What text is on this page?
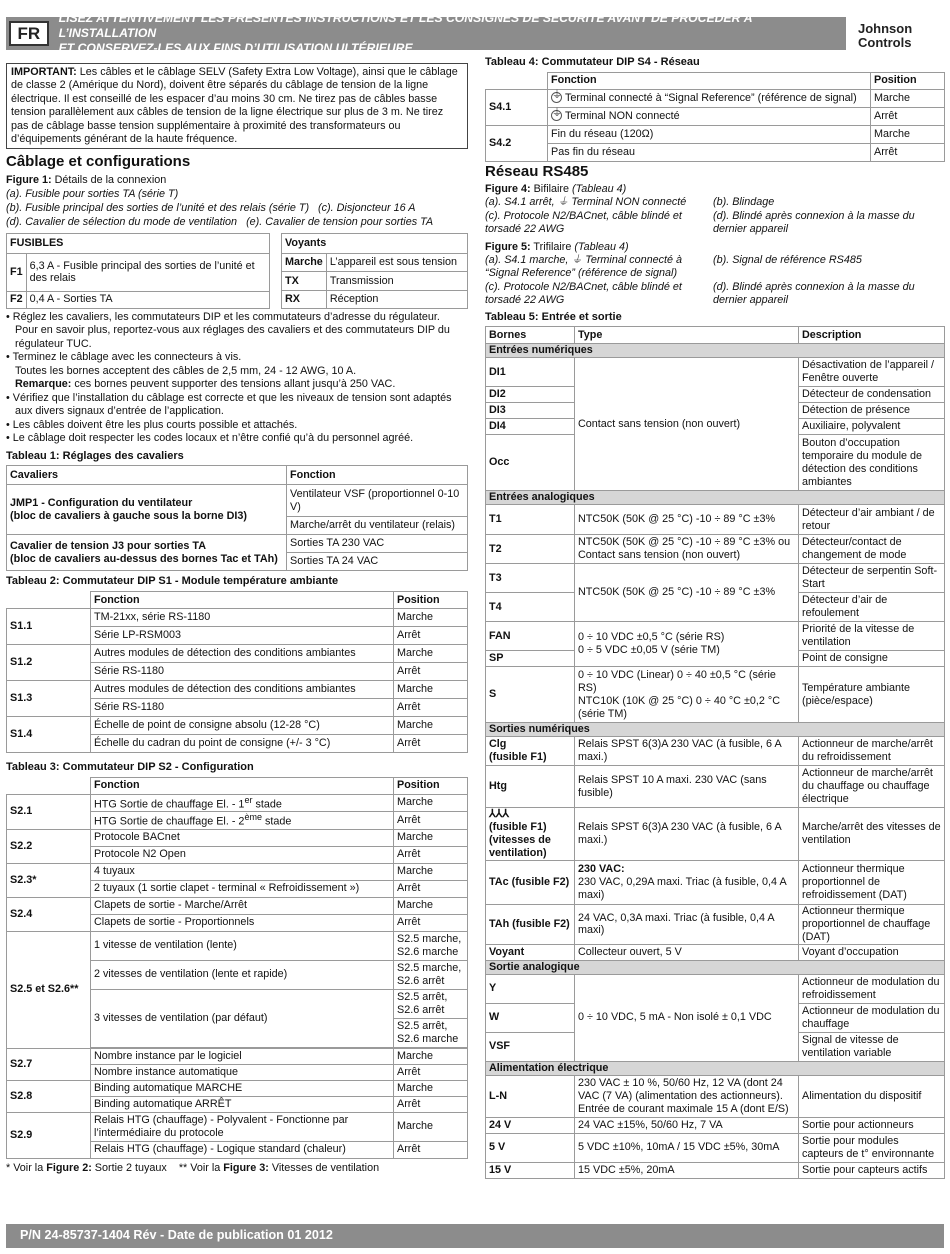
FR
LISEZ ATTENTIVEMENT LES PRÉSENTES INSTRUCTIONS ET LES CONSIGNES DE SÉCURITÉ AVANT DE PROCÉDER À L’INSTALLATION
ET CONSERVEZ-LES AUX FINS D’UTILISATION ULTÉRIEURE
Johnson
Controls
IMPORTANT: Les câbles et le câblage SELV (Safety Extra Low Voltage), ainsi que le câblage de classe 2 (Amérique du Nord), doivent être séparés du câblage de tension de la ligne électrique. Il est conseillé de les espacer d’au moins 30 cm. Ne tirez pas de câbles basse tension parallèlement aux câbles de tension de la ligne électrique sur plus de 3 m. Ne tirez pas de câblage basse tension supplémentaire à proximité des transformateurs ou d’équipements générant de la haute fréquence.
Câblage et configurations
Figure 1: Détails de la connexion
(a). Fusible pour sorties TA (série T)
(b). Fusible principal des sorties de l’unité et des relais (série T) (c). Disjoncteur 16 A
(d). Cavalier de sélection du mode de ventilation (e). Cavalier de tension pour sorties TA
FUSIBLES	
F1	6,3 A - Fusible principal des sorties de l’unité et des relais
F2	0,4 A - Sorties TA
Voyants	
Marche	L’appareil est sous tension
TX	Transmission
RX	Réception
• Réglez les cavaliers, les commutateurs DIP et les commutateurs d’adresse du régulateur.
Pour en savoir plus, reportez-vous aux réglages des cavaliers et des commutateurs DIP du régulateur TUC.
• Terminez le câblage avec les connecteurs à vis.
Toutes les bornes acceptent des câbles de 2,5 mm, 24 - 12 AWG, 10 A.
Remarque: ces bornes peuvent supporter des tensions allant jusqu’à 250 VAC.
• Vérifiez que l’installation du câblage est correcte et que les niveaux de tension sont adaptés aux divers signaux d’entrée de l’application.
• Les câbles doivent être les plus courts possible et attachés.
• Le câblage doit respecter les codes locaux et n’être confié qu’à du personnel agréé.
Tableau 1: Réglages des cavaliers
Cavaliers	Fonction

JMP1 - Configuration du ventilateur
(bloc de cavaliers à gauche sous la borne DI3)	Ventilateur VSF (proportionnel 0-10 V)
	Marche/arrêt du ventilateur (relais)

Cavalier de tension J3 pour sorties TA
(bloc de cavaliers au-dessus des bornes Tac et TAh)	Sorties TA 230 VAC
	Sorties TA 24 VAC
Tableau 2: Commutateur DIP S1 - Module température ambiante
	Fonction	Position
S1.1	TM-21xx, série RS-1180	Marche
	Série LP-RSM003	Arrêt
S1.2	Autres modules de détection des conditions ambiantes	Marche
	Série RS-1180	Arrêt
S1.3	Autres modules de détection des conditions ambiantes	Marche
	Série RS-1180	Arrêt
S1.4	Échelle de point de consigne absolu (12-28 °C)	Marche
	Échelle du cadran du point de consigne (+/- 3 °C)	Arrêt
Tableau 3: Commutateur DIP S2 - Configuration
	Fonction	Position
S2.1	HTG Sortie de chauffage El. - 1er stade	Marche
	HTG Sortie de chauffage El. - 2ème stade	Arrêt
S2.2	Protocole BACnet	Marche
	Protocole N2 Open	Arrêt
S2.3*	4 tuyaux	Marche
	2 tuyaux (1 sortie clapet - terminal « Refroidissement »)	Arrêt
S2.4	Clapets de sortie - Marche/Arrêt	Marche
	Clapets de sortie - Proportionnels	Arrêt
S2.5 et S2.6**	1 vitesse de ventilation (lente)	S2.5 marche,
S2.6 marche

	2 vitesses de ventilation (lente et rapide)	S2.5 marche,
S2.6 arrêt

	3 vitesses de ventilation (par défaut)	S2.5 arrêt,
S2.6 arrêt

		S2.5 arrêt,
S2.6 marche

S2.7	Nombre instance par le logiciel	Marche
	Nombre instance automatique	Arrêt
S2.8	Binding automatique MARCHE	Marche
	Binding automatique ARRÊT	Arrêt
S2.9	Relais HTG (chauffage) - Polyvalent - Fonctionne par l’intermédiaire du protocole	Marche
	Relais HTG (chauffage) - Logique standard (chaleur)	Arrêt
* Voir la Figure 2: Sortie 2 tuyaux ** Voir la Figure 3: Vitesses de ventilation
Tableau 4: Commutateur DIP S4 - Réseau
	Fonction	Position
S4.1	⏚Terminal connecté à “Signal Reference” (référence de signal)	Marche
⏚Terminal NON connecté	Arrêt
S4.2	Fin du réseau (120Ω)	Marche
	Pas fin du réseau	Arrêt
Réseau RS485
Figure 4: Bifilaire (Tableau 4)
(a). S4.1 arrêt, ⏚ Terminal NON connecté	(b). Blindage
(c). Protocole N2/BACnet, câble blindé et torsadé 22 AWG
(d). Blindé après connexion à la masse du dernier appareil
Figure 5: Trifilaire (Tableau 4)
(a). S4.1 marche, ⏚ Terminal connecté à “Signal Reference” (référence de signal)
(b). Signal de référence RS485
(c). Protocole N2/BACnet, câble blindé et torsadé 22 AWG
(d). Blindé après connexion à la masse du dernier appareil
Tableau 5: Entrée et sortie
Bornes	Type	Description
Entrées numériques		
DI1	Contact sans tension (non ouvert)	Désactivation de l’appareil / Fenêtre ouverte
DI2		Détecteur de condensation
DI3		Détection de présence
DI4		Auxiliaire, polyvalent
Occ		Bouton d’occupation temporaire du module de détection des conditions ambiantes
Entrées analogiques		
T1	NTC50K (50K @ 25 °C) -10 ÷ 89 °C ±3%	Détecteur d’air ambiant / de retour
T2	NTC50K (50K @ 25 °C) -10 ÷ 89 °C ±3% ou Contact sans tension (non ouvert)	Détecteur/contact de changement de mode
T3	NTC50K (50K @ 25 °C) -10 ÷ 89 °C ±3%	Détecteur de serpentin Soft-Start
T4		Détecteur d’air de refoulement
FAN	0 ÷ 10 VDC ±0,5 °C (série RS)
0 ÷ 5 VDC ±0,05 V (série TM)	Priorité de la vitesse de ventilation
SP		Point de consigne
S	0 ÷ 10 VDC (Linear) 0 ÷ 40 ±0,5 °C (série RS)
NTC10K (10K @ 25 °C) 0 ÷ 40 °C ±0,2 °C (série TM)	Température ambiante (pièce/espace)
Sorties numériques		

Clg
(fusible F1)	Relais SPST 6(3)A 230 VAC (à fusible, 6 A maxi.)	Actionneur de marche/arrêt du refroidissement
Htg	Relais SPST 10 A maxi. 230 VAC (sans fusible)	Actionneur de marche/arrêt du chauffage ou chauffage électrique

⅄⅄⅄
(fusible F1) (vitesses de ventilation)	Relais SPST 6(3)A 230 VAC (à fusible, 6 A maxi.)	Marche/arrêt des vitesses de ventilation
TAc (fusible F2)	230 VAC:
230 VAC, 0,29A maxi. Triac (à fusible, 0,4 A maxi)	Actionneur thermique proportionnel de refroidissement (DAT)
TAh (fusible F2)	24 VAC, 0,3A maxi. Triac (à fusible, 0,4 A maxi)	Actionneur thermique proportionnel de chauffage (DAT)
Voyant	Collecteur ouvert, 5 V	Voyant d’occupation
Sortie analogique		
Y	0 ÷ 10 VDC, 5 mA - Non isolé ± 0,1 VDC	Actionneur de modulation du refroidissement
W		Actionneur de modulation du chauffage
VSF		Signal de vitesse de ventilation variable
Alimentation électrique		
L-N	230 VAC ± 10 %, 50/60 Hz, 12 VA (dont 24 VAC (7 VA) (alimentation des actionneurs). Entrée de courant maximale 15 A (dont E/S)	Alimentation du dispositif
24 V	24 VAC ±15%, 50/60 Hz, 7 VA	Sortie pour actionneurs
5 V	5 VDC ±10%, 10mA / 15 VDC ±5%, 30mA	Sortie pour modules capteurs de t° environnante
15 V	15 VDC ±5%, 20mA	Sortie pour capteurs actifs
P/N 24-85737-1404 Rév - Date de publication 01 2012
